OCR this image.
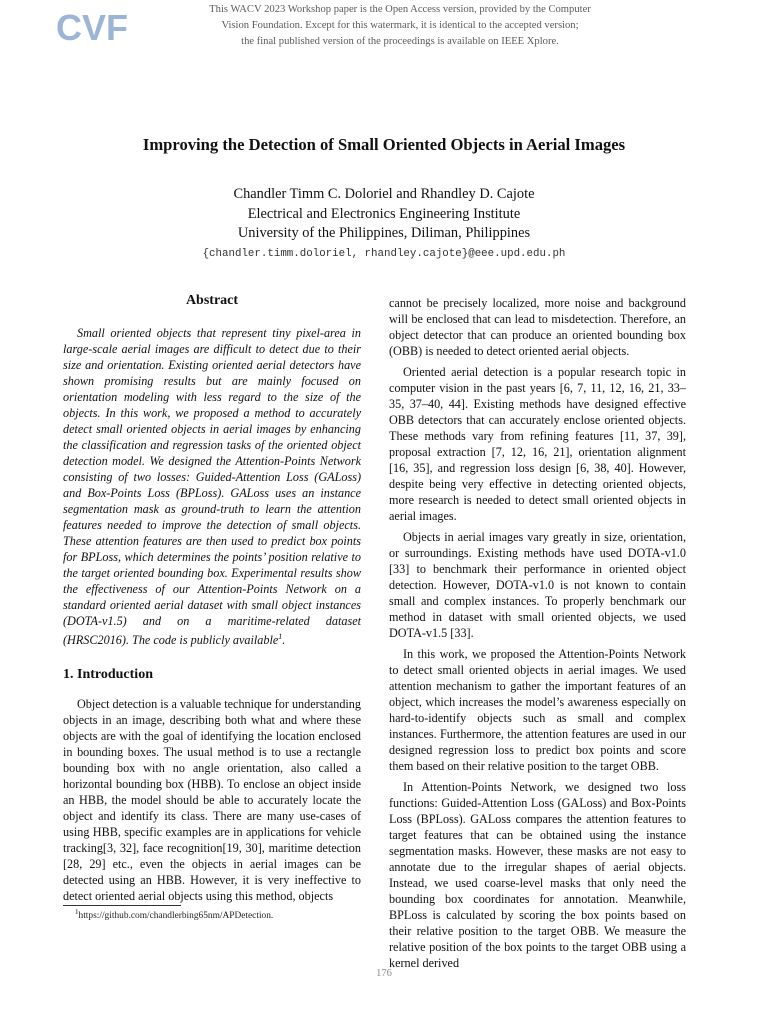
CVF	This WACV 2023 Workshop paper is the Open Access version, provided by the Computer
Vision Foundation. Except for this watermark, it is identical to the accepted version;
the final published version of the proceedings is available on IEEE Xplore.
Improving the Detection of Small Oriented Objects in Aerial Images
Chandler Timm C. Doloriel and Rhandley D. Cajote
Electrical and Electronics Engineering Institute
University of the Philippines, Diliman, Philippines
{chandler.timm.doloriel, rhandley.cajote}@eee.upd.edu.ph
Abstract

Small oriented objects that represent tiny pixel-area in large-scale aerial images are difficult to detect due to their size and orientation. Existing oriented aerial detectors have shown promising results but are mainly focused on orientation modeling with less regard to the size of the objects. In this work, we proposed a method to accurately detect small oriented objects in aerial images by enhancing the classification and regression tasks of the oriented object detection model. We designed the Attention-Points Network consisting of two losses: Guided-Attention Loss (GALoss) and Box-Points Loss (BPLoss). GALoss uses an instance segmentation mask as ground-truth to learn the attention features needed to improve the detection of small objects. These attention features are then used to predict box points for BPLoss, which determines the points’ position relative to the target oriented bounding box. Experimental results show the effectiveness of our Attention-Points Network on a standard oriented aerial dataset with small object instances (DOTA-v1.5) and on a maritime-related dataset (HRSC2016). The code is publicly available$^1$.

1. Introduction

Object detection is a valuable technique for understanding objects in an image, describing both what and where these objects are with the goal of identifying the location enclosed in bounding boxes. The usual method is to use a rectangle bounding box with no angle orientation, also called a horizontal bounding box (HBB). To enclose an object inside an HBB, the model should be able to accurately locate the object and identify its class. There are many use-cases of using HBB, specific examples are in applications for vehicle tracking[3, 32], face recognition[19, 30], maritime detection [28, 29] etc., even the objects in aerial images can be detected using an HBB. However, it is very ineffective to detect oriented aerial objects using this method, objects

cannot be precisely localized, more noise and background will be enclosed that can lead to misdetection. Therefore, an object detector that can produce an oriented bounding box (OBB) is needed to detect oriented aerial objects.

Oriented aerial detection is a popular research topic in computer vision in the past years [6, 7, 11, 12, 16, 21, 33–35, 37–40, 44]. Existing methods have designed effective OBB detectors that can accurately enclose oriented objects. These methods vary from refining features [11, 37, 39], proposal extraction [7, 12, 16, 21], orientation alignment [16, 35], and regression loss design [6, 38, 40]. However, despite being very effective in detecting oriented objects, more research is needed to detect small oriented objects in aerial images.

Objects in aerial images vary greatly in size, orientation, or surroundings. Existing methods have used DOTA-v1.0 [33] to benchmark their performance in oriented object detection. However, DOTA-v1.0 is not known to contain small and complex instances. To properly benchmark our method in dataset with small oriented objects, we used DOTA-v1.5 [33].

In this work, we proposed the Attention-Points Network to detect small oriented objects in aerial images. We used attention mechanism to gather the important features of an object, which increases the model’s awareness especially on hard-to-identify objects such as small and complex instances. Furthermore, the attention features are used in our designed regression loss to predict box points and score them based on their relative position to the target OBB.

In Attention-Points Network, we designed two loss functions: Guided-Attention Loss (GALoss) and Box-Points Loss (BPLoss). GALoss compares the attention features to target features that can be obtained using the instance segmentation masks. However, these masks are not easy to annotate due to the irregular shapes of aerial objects. Instead, we used coarse-level masks that only need the bounding box coordinates for annotation. Meanwhile, BPLoss is calculated by scoring the box points based on their relative position to the target OBB. We measure the relative position of the box points to the target OBB using a kernel derived

$^1$https://github.com/chandlerbing65nm/APDetection.
176
